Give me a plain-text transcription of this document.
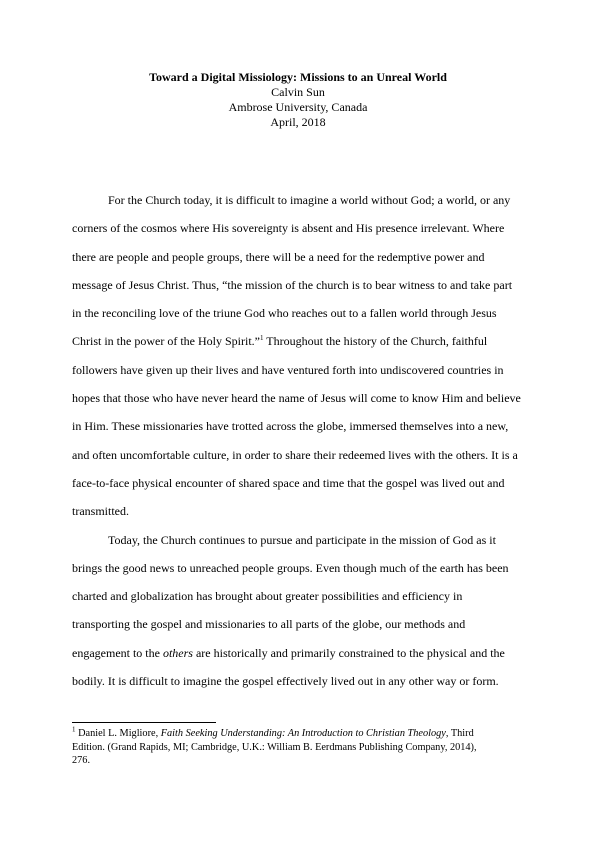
Toward a Digital Missiology: Missions to an Unreal World
Calvin Sun
Ambrose University, Canada
April, 2018
For the Church today, it is difficult to imagine a world without God; a world, or any
corners of the cosmos where His sovereignty is absent and His presence irrelevant. Where
there are people and people groups, there will be a need for the redemptive power and
message of Jesus Christ. Thus, “the mission of the church is to bear witness to and take part
in the reconciling love of the triune God who reaches out to a fallen world through Jesus
Christ in the power of the Holy Spirit.”$^1$ Throughout the history of the Church, faithful
followers have given up their lives and have ventured forth into undiscovered countries in
hopes that those who have never heard the name of Jesus will come to know Him and believe
in Him. These missionaries have trotted across the globe, immersed themselves into a new,
and often uncomfortable culture, in order to share their redeemed lives with the others. It is a
face-to-face physical encounter of shared space and time that the gospel was lived out and
transmitted.
Today, the Church continues to pursue and participate in the mission of God as it
brings the good news to unreached people groups. Even though much of the earth has been
charted and globalization has brought about greater possibilities and efficiency in
transporting the gospel and missionaries to all parts of the globe, our methods and
engagement to the others are historically and primarily constrained to the physical and the
bodily. It is difficult to imagine the gospel effectively lived out in any other way or form.
$^1$ Daniel L. Migliore, Faith Seeking Understanding: An Introduction to Christian Theology, Third
Edition. (Grand Rapids, MI; Cambridge, U.K.: William B. Eerdmans Publishing Company, 2014),
276.
